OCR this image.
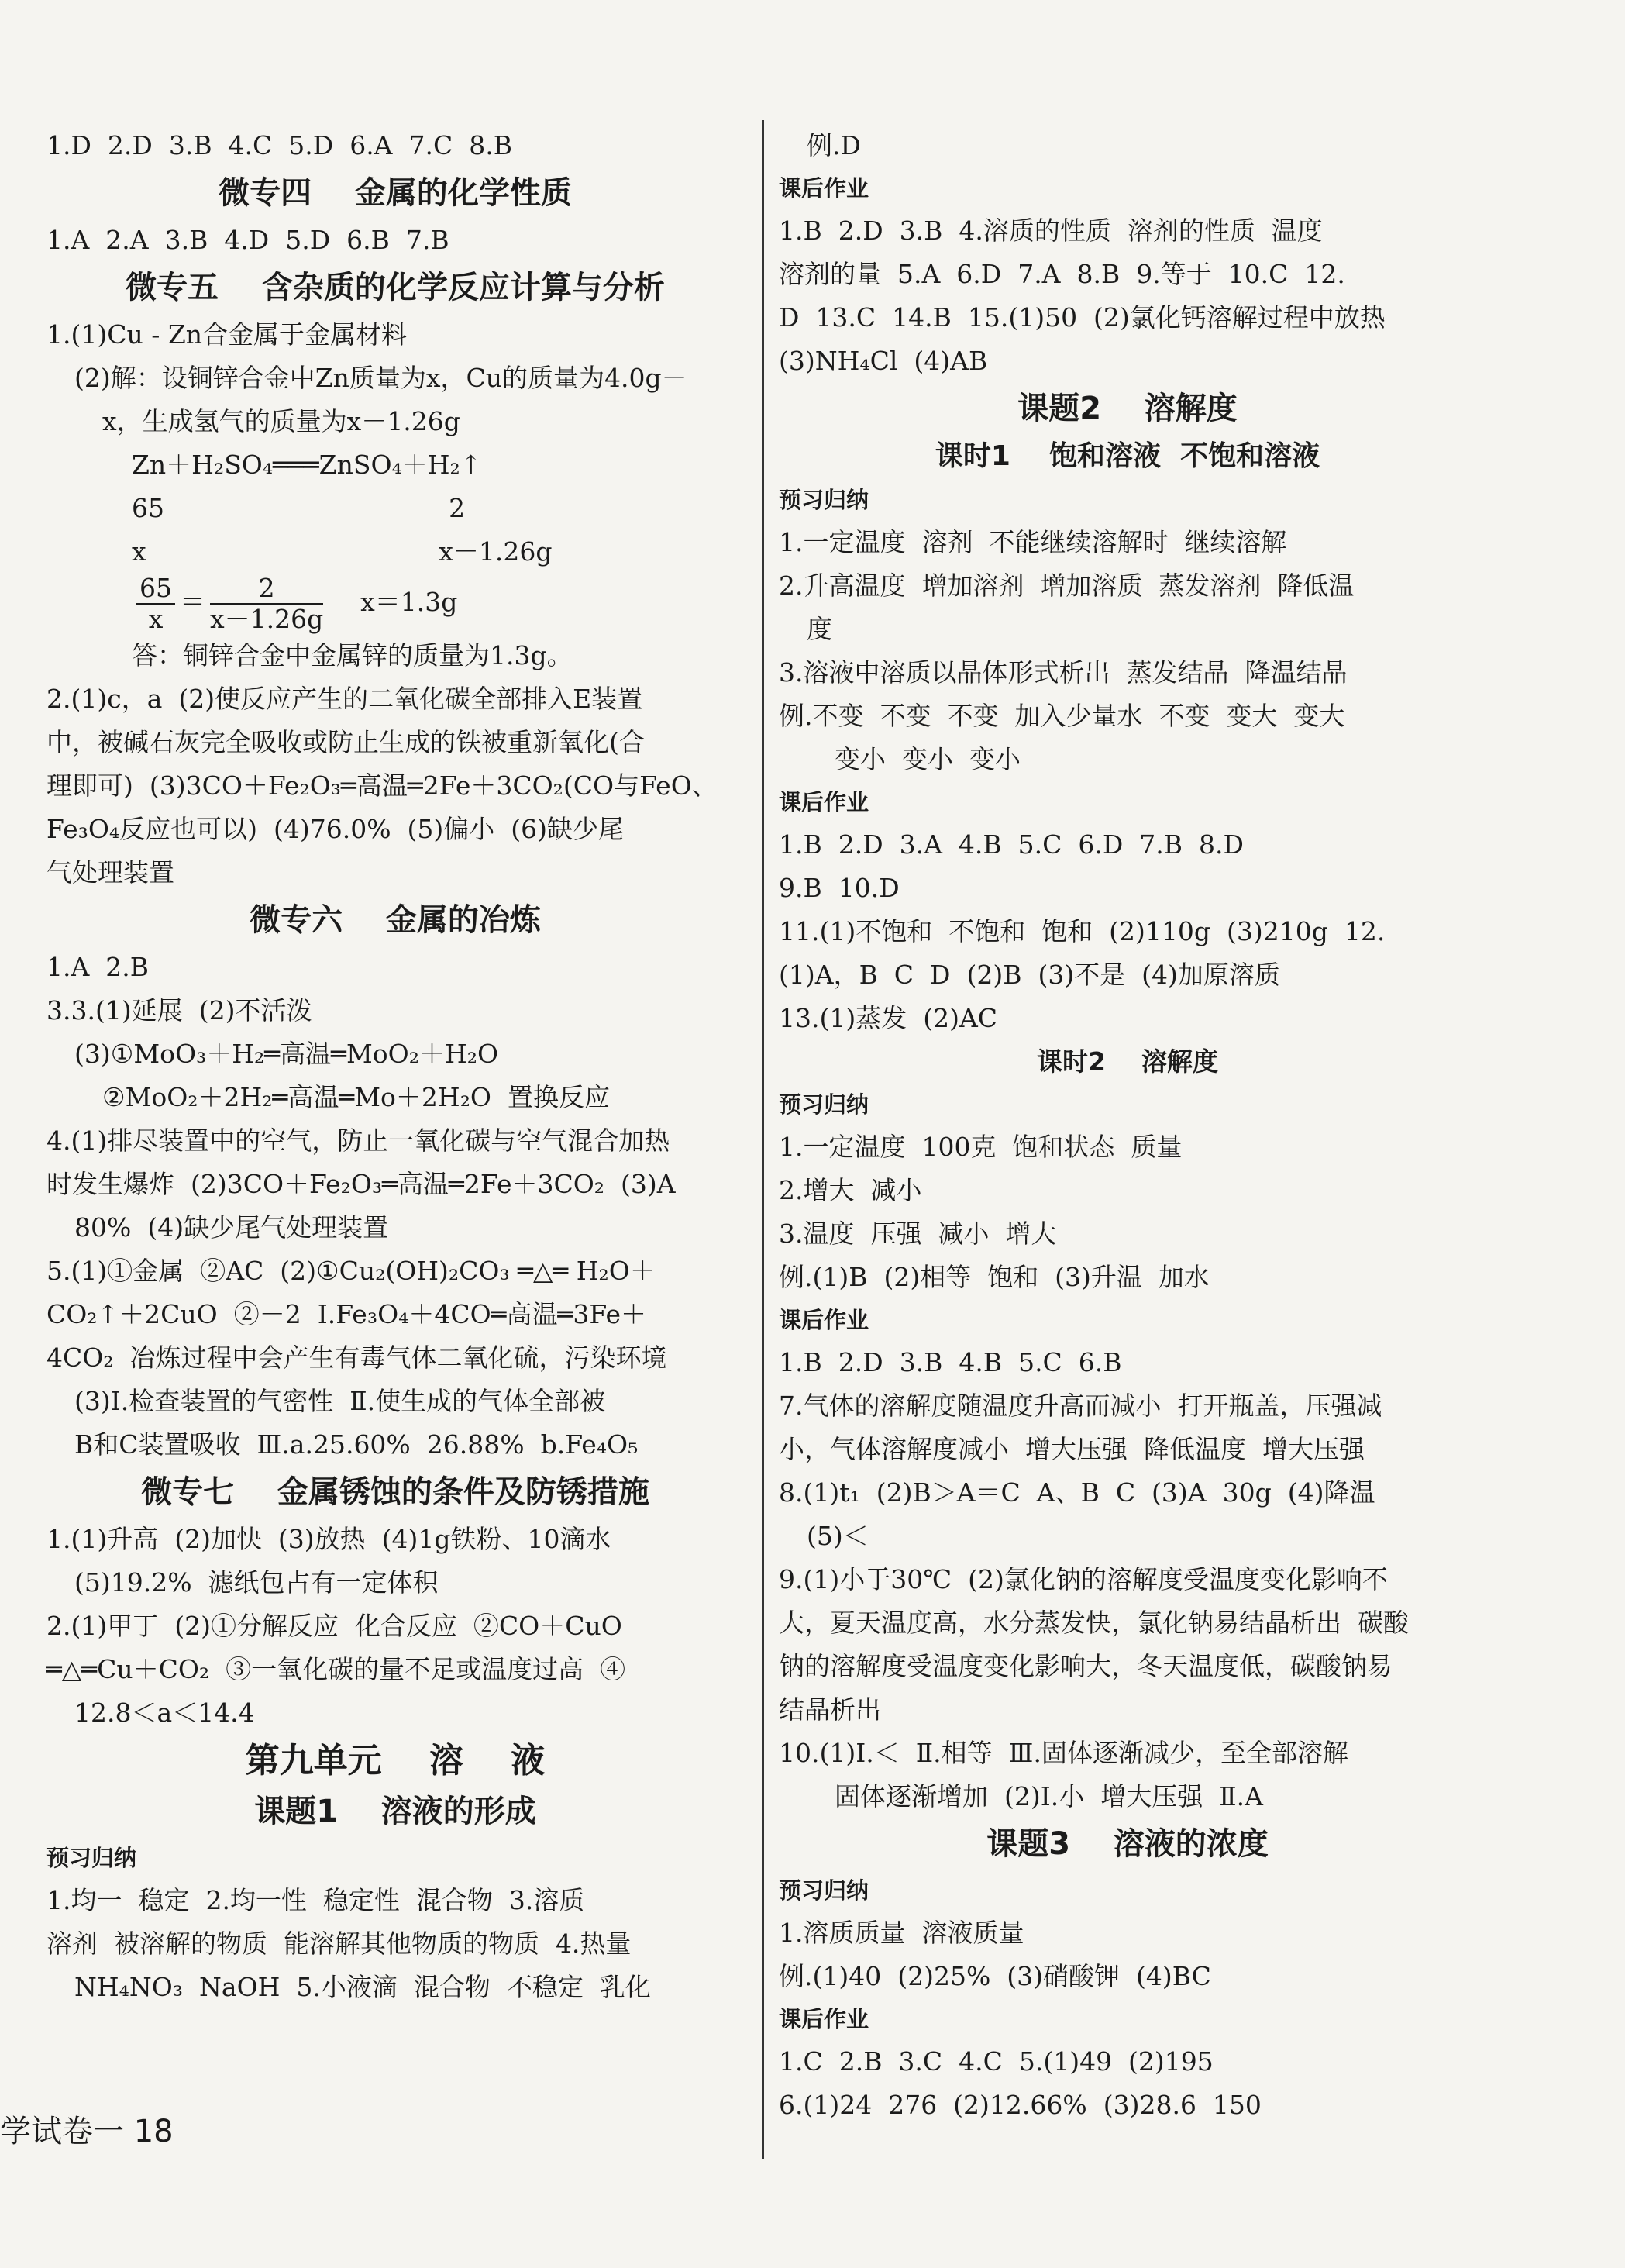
1.D  2.D  3.B  4.C  5.D  6.A  7.C  8.B
微专四    金属的化学性质
1.A  2.A  3.B  4.D  5.D  6.B  7.B
微专五    含杂质的化学反应计算与分析
1.(1)Cu - Zn合金属于金属材料
(2)解：设铜锌合金中Zn质量为x，Cu的质量为4.0g－
x，生成氢气的质量为x－1.26g
Zn＋H₂SO₄═══ZnSO₄＋H₂↑
65                                   2
x                                    x－1.26g
$\frac{65}{x} = \frac{2}{x-1.26g} x=1.3g$
答：铜锌合金中金属锌的质量为1.3g。
2.(1)c，a  (2)使反应产生的二氧化碳全部排入E装置
中，被碱石灰完全吸收或防止生成的铁被重新氧化(合
理即可)  (3)3CO＋Fe₂O₃═高温═2Fe＋3CO₂(CO与FeO、
Fe₃O₄反应也可以)  (4)76.0%  (5)偏小  (6)缺少尾
气处理装置
微专六    金属的冶炼
1.A  2.B
3.3.(1)延展  (2)不活泼
(3)①MoO₃＋H₂═高温═MoO₂＋H₂O
②MoO₂＋2H₂═高温═Mo＋2H₂O  置换反应
4.(1)排尽装置中的空气，防止一氧化碳与空气混合加热
时发生爆炸  (2)3CO＋Fe₂O₃═高温═2Fe＋3CO₂  (3)A
80%  (4)缺少尾气处理装置
5.(1)①金属  ②AC  (2)①Cu₂(OH)₂CO₃ ═△═ H₂O＋
CO₂↑＋2CuO  ②－2  Ⅰ.Fe₃O₄＋4CO═高温═3Fe＋
4CO₂  冶炼过程中会产生有毒气体二氧化硫，污染环境
(3)Ⅰ.检查装置的气密性  Ⅱ.使生成的气体全部被
B和C装置吸收  Ⅲ.a.25.60%  26.88%  b.Fe₄O₅
微专七    金属锈蚀的条件及防锈措施
1.(1)升高  (2)加快  (3)放热  (4)1g铁粉、10滴水
(5)19.2%  滤纸包占有一定体积
2.(1)甲丁  (2)①分解反应  化合反应  ②CO＋CuO
═△═Cu＋CO₂  ③一氧化碳的量不足或温度过高  ④
12.8＜a＜14.4
第九单元    溶    液
课题1    溶液的形成
预习归纳
1.均一  稳定  2.均一性  稳定性  混合物  3.溶质
溶剂  被溶解的物质  能溶解其他物质的物质  4.热量
NH₄NO₃  NaOH  5.小液滴  混合物  不稳定  乳化
例.D
课后作业
1.B  2.D  3.B  4.溶质的性质  溶剂的性质  温度
溶剂的量  5.A  6.D  7.A  8.B  9.等于  10.C  12.
D  13.C  14.B  15.(1)50  (2)氯化钙溶解过程中放热
(3)NH₄Cl  (4)AB
课题2    溶解度
课时1    饱和溶液  不饱和溶液
预习归纳
1.一定温度  溶剂  不能继续溶解时  继续溶解
2.升高温度  增加溶剂  增加溶质  蒸发溶剂  降低温
度
3.溶液中溶质以晶体形式析出  蒸发结晶  降温结晶
例.不变  不变  不变  加入少量水  不变  变大  变大
变小  变小  变小
课后作业
1.B  2.D  3.A  4.B  5.C  6.D  7.B  8.D
9.B  10.D
11.(1)不饱和  不饱和  饱和  (2)110g  (3)210g  12.
(1)A，B  C  D  (2)B  (3)不是  (4)加原溶质
13.(1)蒸发  (2)AC
课时2    溶解度
预习归纳
1.一定温度  100克  饱和状态  质量
2.增大  减小
3.温度  压强  减小  增大
例.(1)B  (2)相等  饱和  (3)升温  加水
课后作业
1.B  2.D  3.B  4.B  5.C  6.B
7.气体的溶解度随温度升高而减小  打开瓶盖，压强减
小，气体溶解度减小  增大压强  降低温度  增大压强
8.(1)t₁  (2)B＞A＝C  A、B  C  (3)A  30g  (4)降温
(5)＜
9.(1)小于30℃  (2)氯化钠的溶解度受温度变化影响不
大，夏天温度高，水分蒸发快，氯化钠易结晶析出  碳酸
钠的溶解度受温度变化影响大，冬天温度低，碳酸钠易
结晶析出
10.(1)Ⅰ.＜  Ⅱ.相等  Ⅲ.固体逐渐减少，至全部溶解
固体逐渐增加  (2)Ⅰ.小  增大压强  Ⅱ.A
课题3    溶液的浓度
预习归纳
1.溶质质量  溶液质量
例.(1)40  (2)25%  (3)硝酸钾  (4)BC
课后作业
1.C  2.B  3.C  4.C  5.(1)49  (2)195
6.(1)24  276  (2)12.66%  (3)28.6  150
学试卷一 18
